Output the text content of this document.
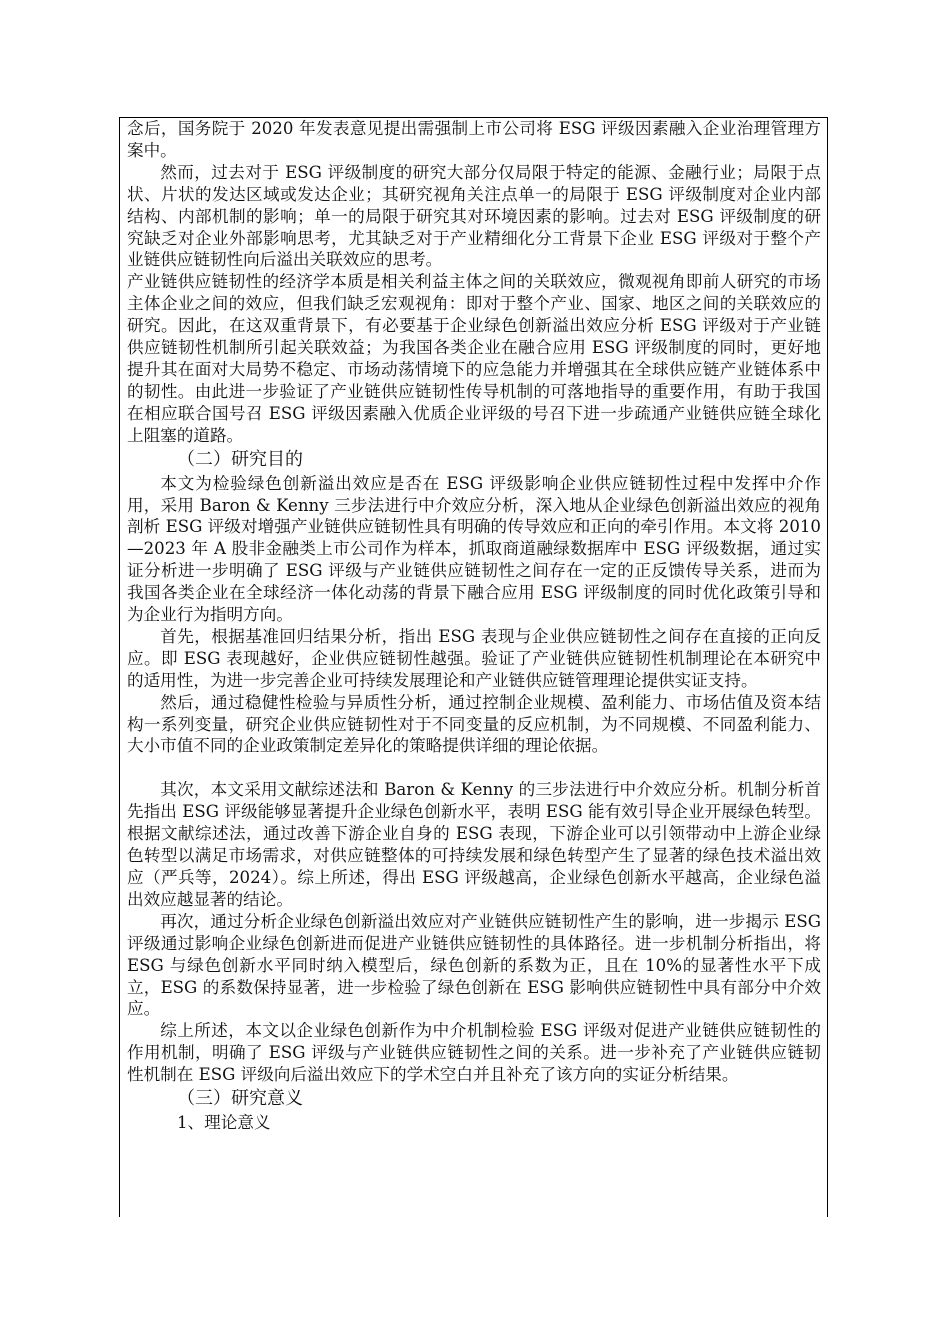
念后，国务院于 2020 年发表意见提出需强制上市公司将 ESG 评级因素融入企业治理管理方案中。

然而，过去对于 ESG 评级制度的研究大部分仅局限于特定的能源、金融行业；局限于点状、片状的发达区域或发达企业；其研究视角关注点单一的局限于 ESG 评级制度对企业内部结构、内部机制的影响；单一的局限于研究其对环境因素的影响。过去对 ESG 评级制度的研究缺乏对企业外部影响思考，尤其缺乏对于产业精细化分工背景下企业 ESG 评级对于整个产业链供应链韧性向后溢出关联效应的思考。

产业链供应链韧性的经济学本质是相关利益主体之间的关联效应，微观视角即前人研究的市场主体企业之间的效应，但我们缺乏宏观视角：即对于整个产业、国家、地区之间的关联效应的研究。因此，在这双重背景下，有必要基于企业绿色创新溢出效应分析 ESG 评级对于产业链供应链韧性机制所引起关联效益；为我国各类企业在融合应用 ESG 评级制度的同时，更好地提升其在面对大局势不稳定、市场动荡情境下的应急能力并增强其在全球供应链产业链体系中的韧性。由此进一步验证了产业链供应链韧性传导机制的可落地指导的重要作用，有助于我国在相应联合国号召 ESG 评级因素融入优质企业评级的号召下进一步疏通产业链供应链全球化上阻塞的道路。

（二）研究目的

本文为检验绿色创新溢出效应是否在 ESG 评级影响企业供应链韧性过程中发挥中介作用，采用 Baron & Kenny 三步法进行中介效应分析，深入地从企业绿色创新溢出效应的视角剖析 ESG 评级对增强产业链供应链韧性具有明确的传导效应和正向的牵引作用。本文将 2010—2023 年 A 股非金融类上市公司作为样本，抓取商道融绿数据库中 ESG 评级数据，通过实证分析进一步明确了 ESG 评级与产业链供应链韧性之间存在一定的正反馈传导关系，进而为我国各类企业在全球经济一体化动荡的背景下融合应用 ESG 评级制度的同时优化政策引导和为企业行为指明方向。

首先，根据基准回归结果分析，指出 ESG 表现与企业供应链韧性之间存在直接的正向反应。即 ESG 表现越好，企业供应链韧性越强。验证了产业链供应链韧性机制理论在本研究中的适用性，为进一步完善企业可持续发展理论和产业链供应链管理理论提供实证支持。

然后，通过稳健性检验与异质性分析，通过控制企业规模、盈利能力、市场估值及资本结构一系列变量，研究企业供应链韧性对于不同变量的反应机制，为不同规模、不同盈利能力、大小市值不同的企业政策制定差异化的策略提供详细的理论依据。

其次，本文采用文献综述法和 Baron & Kenny 的三步法进行中介效应分析。机制分析首先指出 ESG 评级能够显著提升企业绿色创新水平，表明 ESG 能有效引导企业开展绿色转型。根据文献综述法，通过改善下游企业自身的 ESG 表现，下游企业可以引领带动中上游企业绿色转型以满足市场需求，对供应链整体的可持续发展和绿色转型产生了显著的绿色技术溢出效应（严兵等，2024）。综上所述，得出 ESG 评级越高，企业绿色创新水平越高，企业绿色溢出效应越显著的结论。

再次，通过分析企业绿色创新溢出效应对产业链供应链韧性产生的影响，进一步揭示 ESG 评级通过影响企业绿色创新进而促进产业链供应链韧性的具体路径。进一步机制分析指出，将 ESG 与绿色创新水平同时纳入模型后，绿色创新的系数为正，且在 10%的显著性水平下成立，ESG 的系数保持显著，进一步检验了绿色创新在 ESG 影响供应链韧性中具有部分中介效应。

综上所述，本文以企业绿色创新作为中介机制检验 ESG 评级对促进产业链供应链韧性的作用机制，明确了 ESG 评级与产业链供应链韧性之间的关系。进一步补充了产业链供应链韧性机制在 ESG 评级向后溢出效应下的学术空白并且补充了该方向的实证分析结果。

（三）研究意义

1、理论意义
